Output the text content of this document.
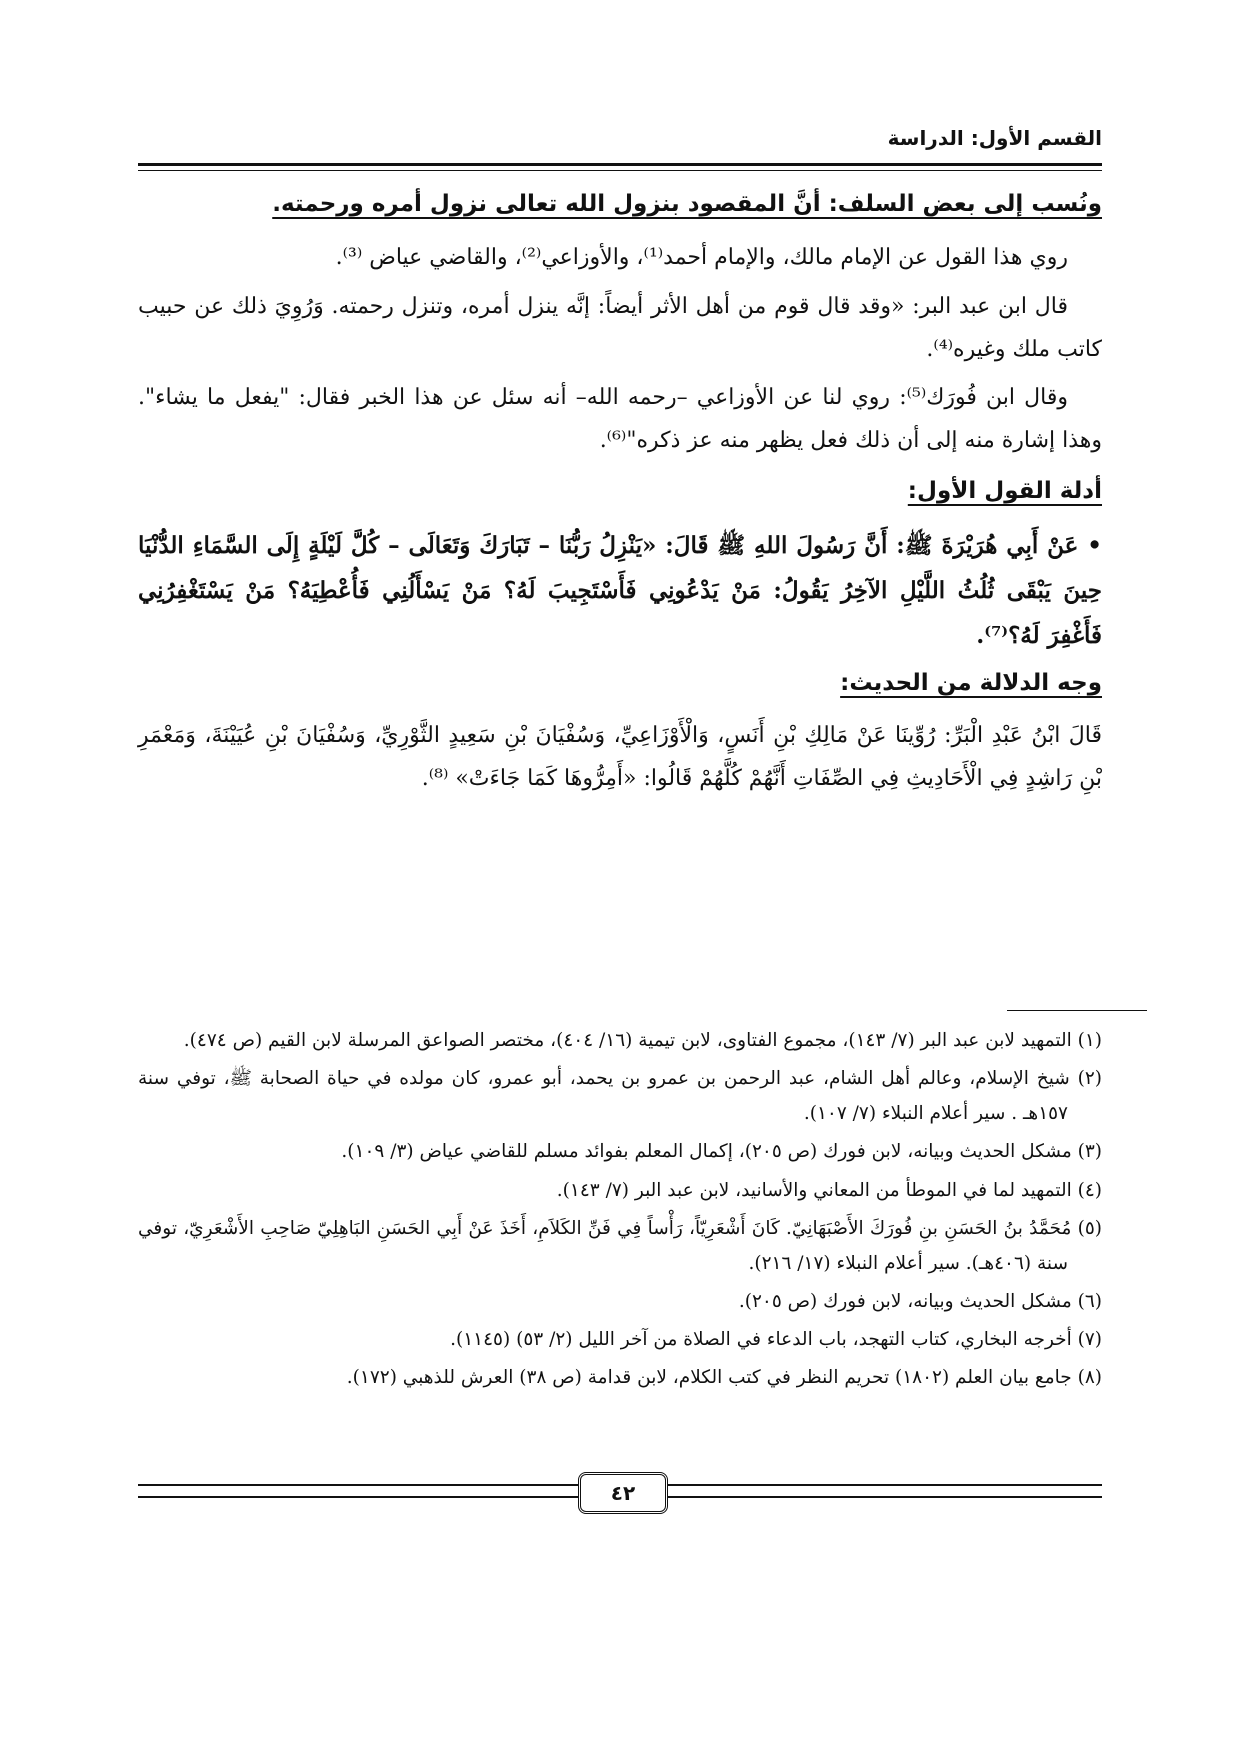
القسم الأول: الدراسة
ونُسب إلى بعض السلف: أنَّ المقصود بنزول الله تعالى نزول أمره ورحمته.

روي هذا القول عن الإمام مالك، والإمام أحمد⁽¹⁾، والأوزاعي⁽²⁾، والقاضي عياض ⁽³⁾.

قال ابن عبد البر: «وقد قال قوم من أهل الأثر أيضاً: إنَّه ينزل أمره، وتنزل رحمته. وَرُوِيَ ذلك عن حبيب كاتب ملك وغيره⁽⁴⁾.

وقال ابن فُورَك⁽⁵⁾: روي لنا عن الأوزاعي –رحمه الله– أنه سئل عن هذا الخبر فقال: "يفعل ما يشاء". وهذا إشارة منه إلى أن ذلك فعل يظهر منه عز ذكره"⁽⁶⁾.

أدلة القول الأول:

• عَنْ أَبِي هُرَيْرَةَ ﷺ: أَنَّ رَسُولَ اللهِ ﷺ قَالَ: «يَنْزِلُ رَبُّنَا – تَبَارَكَ وَتَعَالَى – كُلَّ لَيْلَةٍ إِلَى السَّمَاءِ الدُّنْيَا حِينَ يَبْقَى ثُلُثُ اللَّيْلِ الآخِرُ يَقُولُ: مَنْ يَدْعُونِي فَأَسْتَجِيبَ لَهُ؟ مَنْ يَسْأَلُنِي فَأُعْطِيَهُ؟ مَنْ يَسْتَغْفِرُنِي فَأَغْفِرَ لَهُ؟⁽⁷⁾.

وجه الدلالة من الحديث:

قَالَ ابْنُ عَبْدِ الْبَرِّ: رُوِّينَا عَنْ مَالِكِ بْنِ أَنَسٍ، وَالْأَوْزَاعِيِّ، وَسُفْيَانَ بْنِ سَعِيدٍ الثَّوْرِيِّ، وَسُفْيَانَ بْنِ عُيَيْنَةَ، وَمَعْمَرِ بْنِ رَاشِدٍ فِي الْأَحَادِيثِ فِي الصِّفَاتِ أَنَّهُمْ كُلَّهُمْ قَالُوا: «أَمِرُّوهَا كَمَا جَاءَتْ» ⁽⁸⁾.

(١) التمهيد لابن عبد البر (٧/ ١٤٣)، مجموع الفتاوى، لابن تيمية (١٦/ ٤٠٤)، مختصر الصواعق المرسلة لابن القيم (ص ٤٧٤).

(٢) شيخ الإسلام، وعالم أهل الشام، عبد الرحمن بن عمرو بن يحمد، أبو عمرو، كان مولده في حياة الصحابة ﷺ، توفي سنة ١٥٧هـ . سير أعلام النبلاء (٧/ ١٠٧).

(٣) مشكل الحديث وبيانه، لابن فورك (ص ٢٠٥)، إكمال المعلم بفوائد مسلم للقاضي عياض (٣/ ١٠٩).

(٤) التمهيد لما في الموطأ من المعاني والأسانيد، لابن عبد البر (٧/ ١٤٣).

(٥) مُحَمَّدُ بنُ الحَسَنِ بنِ فُورَكَ الأَصْبَهَانِيّ. كَانَ أَشْعَرِيّاً، رَأْساً فِي فَنِّ الكَلاَمِ، أَخَذَ عَنْ أَبِي الحَسَنِ البَاهِلِيّ صَاحِبِ الأَشْعَرِيّ، توفي سنة (٤٠٦هـ). سير أعلام النبلاء (١٧/ ٢١٦).

(٦) مشكل الحديث وبيانه، لابن فورك (ص ٢٠٥).

(٧) أخرجه البخاري، كتاب التهجد، باب الدعاء في الصلاة من آخر الليل (٢/ ٥٣) (١١٤٥).

(٨) جامع بيان العلم (١٨٠٢) تحريم النظر في كتب الكلام، لابن قدامة (ص ٣٨) العرش للذهبي (١٧٢).

٤٢
